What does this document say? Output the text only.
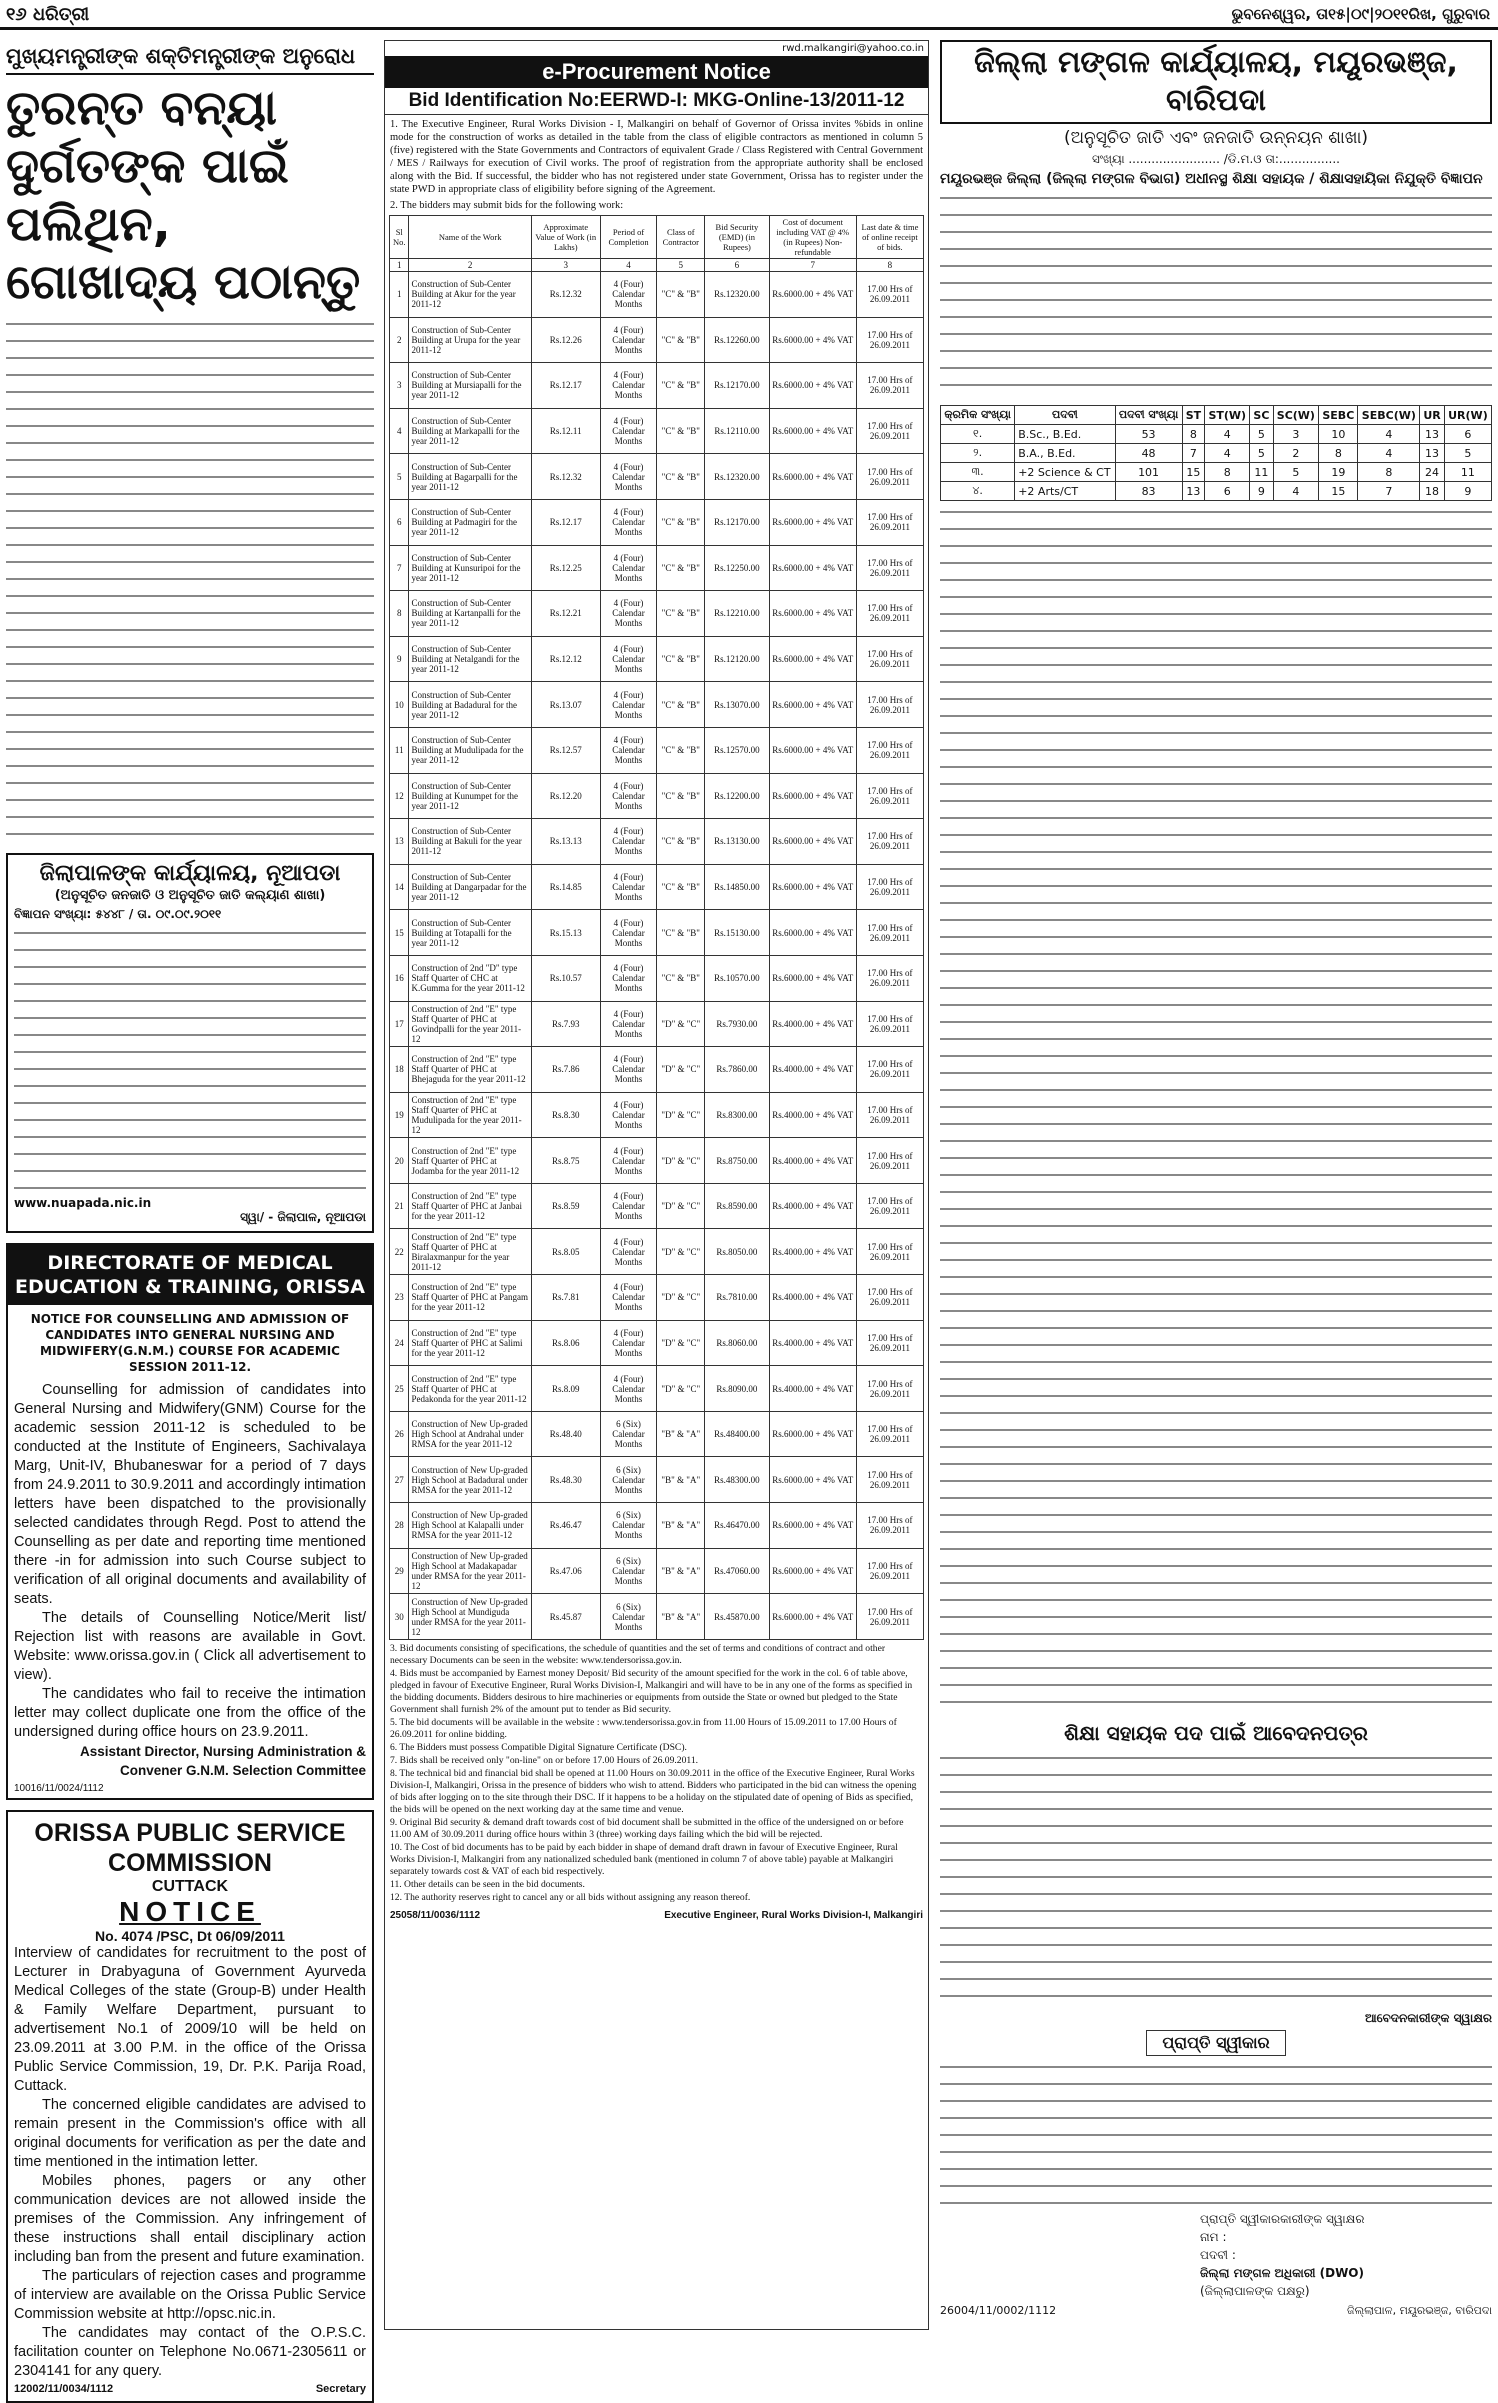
୧୬ ଧରିତ୍ରୀ	ଭୁବନେଶ୍ୱର, ତା୧୫|୦୯|୨୦୧୧ରିଖ, ଗୁରୁବାର
ମୁଖ୍ୟମନ୍ତ୍ରୀଙ୍କ ଶକ୍ତିମନ୍ତ୍ରୀଙ୍କ ଅନୁରୋଧ
ତୁରନ୍ତ ବନ୍ୟା ଦୁର୍ଗତଙ୍କ ପାଇଁ ପଲିଥିନ, ଗୋଖାଦ୍ୟ ପଠାନ୍ତୁ
ଜିଲାପାଳଙ୍କ କାର୍ଯ୍ୟାଳୟ, ନୂଆପଡା
(ଅନୁସୂଚିତ ଜନଜାତି ଓ ଅନୁସୂଚିତ ଜାତି କଲ୍ୟାଣ ଶାଖା)
ବିଜ୍ଞାପନ ସଂଖ୍ୟା: ୫୪୪୮ / ତା. ୦୯.୦୯.୨୦୧୧
www.nuapada.nic.in
ସ୍ୱା/ - ଜିଲାପାଳ, ନୂଆପଡା
DIRECTORATE OF MEDICAL EDUCATION & TRAINING, ORISSA
NOTICE FOR COUNSELLING AND ADMISSION OF CANDIDATES INTO GENERAL NURSING AND MIDWIFERY(G.N.M.) COURSE FOR ACADEMIC SESSION 2011-12.

Counselling for admission of candidates into General Nursing and Midwifery(GNM) Course for the academic session 2011-12 is scheduled to be conducted at the Institute of Engineers, Sachivalaya Marg, Unit-IV, Bhubaneswar for a period of 7 days from 24.9.2011 to 30.9.2011 and accordingly intimation letters have been dispatched to the provisionally selected candidates through Regd. Post to attend the Counselling as per date and reporting time mentioned there -in for admission into such Course subject to verification of all original documents and availability of seats.

The details of Counselling Notice/Merit list/ Rejection list with reasons are available in Govt. Website: www.orissa.gov.in ( Click all advertisement to view).

The candidates who fail to receive the intimation letter may collect duplicate one from the office of the undersigned during office hours on 23.9.2011.

Assistant Director, Nursing Administration & Convener G.N.M. Selection Committee

10016/11/0024/1112
ORISSA PUBLIC SERVICE COMMISSION
CUTTACK
NOTICE
No. 4074 /PSC, Dt 06/09/2011

Interview of candidates for recruitment to the post of Lecturer in Drabyaguna of Government Ayurveda Medical Colleges of the state (Group-B) under Health & Family Welfare Department, pursuant to advertisement No.1 of 2009/10 will be held on 23.09.2011 at 3.00 P.M. in the office of the Orissa Public Service Commission, 19, Dr. P.K. Parija Road, Cuttack.

The concerned eligible candidates are advised to remain present in the Commission's office with all original documents for verification as per the date and time mentioned in the intimation letter.

Mobiles phones, pagers or any other communication devices are not allowed inside the premises of the Commission. Any infringement of these instructions shall entail disciplinary action including ban from the present and future examination.

The particulars of rejection cases and programme of interview are available on the Orissa Public Service Commission website at http://opsc.nic.in.

The candidates may contact of the O.P.S.C. facilitation counter on Telephone No.0671-2305611 or 2304141 for any query.

12002/11/0034/1112	Secretary
rwd.malkangiri@yahoo.co.in
e-Procurement Notice
Bid Identification No:EERWD-I: MKG-Online-13/2011-12
1. The Executive Engineer, Rural Works Division - I, Malkangiri on behalf of Governor of Orissa invites %bids in online mode for the construction of works as detailed in the table from the class of eligible contractors as mentioned in column 5 (five) registered with the State Governments and Contractors of equivalent Grade / Class Registered with Central Government / MES / Railways for execution of Civil works. The proof of registration from the appropriate authority shall be enclosed along with the Bid. If successful, the bidder who has not registered under state Government, Orissa has to register under the state PWD in appropriate class of eligibility before signing of the Agreement.
2. The bidders may submit bids for the following work:
Sl No.	Name of the Work	Approximate Value of Work (in Lakhs)	Period of Completion	Class of Contractor	Bid Security (EMD) (in Rupees)	Cost of document including VAT @ 4% (in Rupees) Non-refundable	Last date & time of online receipt of bids.
1	2	3	4	5	6	7	8
1	Construction of Sub-Center Building at Akur for the year 2011-12	Rs.12.32	4 (Four) Calendar Months	"C" & "B"	Rs.12320.00	Rs.6000.00 + 4% VAT	17.00 Hrs of 26.09.2011
2	Construction of Sub-Center Building at Urupa for the year 2011-12	Rs.12.26	4 (Four) Calendar Months	"C" & "B"	Rs.12260.00	Rs.6000.00 + 4% VAT	17.00 Hrs of 26.09.2011
3	Construction of Sub-Center Building at Mursiapalli for the year 2011-12	Rs.12.17	4 (Four) Calendar Months	"C" & "B"	Rs.12170.00	Rs.6000.00 + 4% VAT	17.00 Hrs of 26.09.2011
4	Construction of Sub-Center Building at Markapalli for the year 2011-12	Rs.12.11	4 (Four) Calendar Months	"C" & "B"	Rs.12110.00	Rs.6000.00 + 4% VAT	17.00 Hrs of 26.09.2011
5	Construction of Sub-Center Building at Bagarpalli for the year 2011-12	Rs.12.32	4 (Four) Calendar Months	"C" & "B"	Rs.12320.00	Rs.6000.00 + 4% VAT	17.00 Hrs of 26.09.2011
6	Construction of Sub-Center Building at Padmagiri for the year 2011-12	Rs.12.17	4 (Four) Calendar Months	"C" & "B"	Rs.12170.00	Rs.6000.00 + 4% VAT	17.00 Hrs of 26.09.2011
7	Construction of Sub-Center Building at Kunsuripoi for the year 2011-12	Rs.12.25	4 (Four) Calendar Months	"C" & "B"	Rs.12250.00	Rs.6000.00 + 4% VAT	17.00 Hrs of 26.09.2011
8	Construction of Sub-Center Building at Kartanpalli for the year 2011-12	Rs.12.21	4 (Four) Calendar Months	"C" & "B"	Rs.12210.00	Rs.6000.00 + 4% VAT	17.00 Hrs of 26.09.2011
9	Construction of Sub-Center Building at Netalgandi for the year 2011-12	Rs.12.12	4 (Four) Calendar Months	"C" & "B"	Rs.12120.00	Rs.6000.00 + 4% VAT	17.00 Hrs of 26.09.2011
10	Construction of Sub-Center Building at Badadural for the year 2011-12	Rs.13.07	4 (Four) Calendar Months	"C" & "B"	Rs.13070.00	Rs.6000.00 + 4% VAT	17.00 Hrs of 26.09.2011
11	Construction of Sub-Center Building at Mudulipada for the year 2011-12	Rs.12.57	4 (Four) Calendar Months	"C" & "B"	Rs.12570.00	Rs.6000.00 + 4% VAT	17.00 Hrs of 26.09.2011
12	Construction of Sub-Center Building at Kunumpet for the year 2011-12	Rs.12.20	4 (Four) Calendar Months	"C" & "B"	Rs.12200.00	Rs.6000.00 + 4% VAT	17.00 Hrs of 26.09.2011
13	Construction of Sub-Center Building at Bakuli for the year 2011-12	Rs.13.13	4 (Four) Calendar Months	"C" & "B"	Rs.13130.00	Rs.6000.00 + 4% VAT	17.00 Hrs of 26.09.2011
14	Construction of Sub-Center Building at Dangarpadar for the year 2011-12	Rs.14.85	4 (Four) Calendar Months	"C" & "B"	Rs.14850.00	Rs.6000.00 + 4% VAT	17.00 Hrs of 26.09.2011
15	Construction of Sub-Center Building at Totapalli for the year 2011-12	Rs.15.13	4 (Four) Calendar Months	"C" & "B"	Rs.15130.00	Rs.6000.00 + 4% VAT	17.00 Hrs of 26.09.2011
16	Construction of 2nd "D" type Staff Quarter of CHC at K.Gumma for the year 2011-12	Rs.10.57	4 (Four) Calendar Months	"C" & "B"	Rs.10570.00	Rs.6000.00 + 4% VAT	17.00 Hrs of 26.09.2011
17	Construction of 2nd "E" type Staff Quarter of PHC at Govindpalli for the year 2011-12	Rs.7.93	4 (Four) Calendar Months	"D" & "C"	Rs.7930.00	Rs.4000.00 + 4% VAT	17.00 Hrs of 26.09.2011
18	Construction of 2nd "E" type Staff Quarter of PHC at Bhejaguda for the year 2011-12	Rs.7.86	4 (Four) Calendar Months	"D" & "C"	Rs.7860.00	Rs.4000.00 + 4% VAT	17.00 Hrs of 26.09.2011
19	Construction of 2nd "E" type Staff Quarter of PHC at Mudulipada for the year 2011-12	Rs.8.30	4 (Four) Calendar Months	"D" & "C"	Rs.8300.00	Rs.4000.00 + 4% VAT	17.00 Hrs of 26.09.2011
20	Construction of 2nd "E" type Staff Quarter of PHC at Jodamba for the year 2011-12	Rs.8.75	4 (Four) Calendar Months	"D" & "C"	Rs.8750.00	Rs.4000.00 + 4% VAT	17.00 Hrs of 26.09.2011
21	Construction of 2nd "E" type Staff Quarter of PHC at Janbai for the year 2011-12	Rs.8.59	4 (Four) Calendar Months	"D" & "C"	Rs.8590.00	Rs.4000.00 + 4% VAT	17.00 Hrs of 26.09.2011
22	Construction of 2nd "E" type Staff Quarter of PHC at Biralaxmanpur for the year 2011-12	Rs.8.05	4 (Four) Calendar Months	"D" & "C"	Rs.8050.00	Rs.4000.00 + 4% VAT	17.00 Hrs of 26.09.2011
23	Construction of 2nd "E" type Staff Quarter of PHC at Pangam for the year 2011-12	Rs.7.81	4 (Four) Calendar Months	"D" & "C"	Rs.7810.00	Rs.4000.00 + 4% VAT	17.00 Hrs of 26.09.2011
24	Construction of 2nd "E" type Staff Quarter of PHC at Salimi for the year 2011-12	Rs.8.06	4 (Four) Calendar Months	"D" & "C"	Rs.8060.00	Rs.4000.00 + 4% VAT	17.00 Hrs of 26.09.2011
25	Construction of 2nd "E" type Staff Quarter of PHC at Pedakonda for the year 2011-12	Rs.8.09	4 (Four) Calendar Months	"D" & "C"	Rs.8090.00	Rs.4000.00 + 4% VAT	17.00 Hrs of 26.09.2011
26	Construction of New Up-graded High School at Andrahal under RMSA for the year 2011-12	Rs.48.40	6 (Six) Calendar Months	"B" & "A"	Rs.48400.00	Rs.6000.00 + 4% VAT	17.00 Hrs of 26.09.2011
27	Construction of New Up-graded High School at Badadural under RMSA for the year 2011-12	Rs.48.30	6 (Six) Calendar Months	"B" & "A"	Rs.48300.00	Rs.6000.00 + 4% VAT	17.00 Hrs of 26.09.2011
28	Construction of New Up-graded High School at Kalapalli under RMSA for the year 2011-12	Rs.46.47	6 (Six) Calendar Months	"B" & "A"	Rs.46470.00	Rs.6000.00 + 4% VAT	17.00 Hrs of 26.09.2011
29	Construction of New Up-graded High School at Madakapadar under RMSA for the year 2011-12	Rs.47.06	6 (Six) Calendar Months	"B" & "A"	Rs.47060.00	Rs.6000.00 + 4% VAT	17.00 Hrs of 26.09.2011
30	Construction of New Up-graded High School at Mundiguda under RMSA for the year 2011-12	Rs.45.87	6 (Six) Calendar Months	"B" & "A"	Rs.45870.00	Rs.6000.00 + 4% VAT	17.00 Hrs of 26.09.2011

3. Bid documents consisting of specifications, the schedule of quantities and the set of terms and conditions of contract and other necessary Documents can be seen in the website: www.tendersorissa.gov.in.

4. Bids must be accompanied by Earnest money Deposit/ Bid security of the amount specified for the work in the col. 6 of table above, pledged in favour of Executive Engineer, Rural Works Division-I, Malkangiri and will have to be in any one of the forms as specified in the bidding documents. Bidders desirous to hire machineries or equipments from outside the State or owned but pledged to the State Government shall furnish 2% of the amount put to tender as Bid security.

5. The bid documents will be available in the website : www.tendersorissa.gov.in from 11.00 Hours of 15.09.2011 to 17.00 Hours of 26.09.2011 for online bidding.

6. The Bidders must possess Compatible Digital Signature Certificate (DSC).

7. Bids shall be received only "on-line" on or before 17.00 Hours of 26.09.2011.

8. The technical bid and financial bid shall be opened at 11.00 Hours on 30.09.2011 in the office of the Executive Engineer, Rural Works Division-I, Malkangiri, Orissa in the presence of bidders who wish to attend. Bidders who participated in the bid can witness the opening of bids after logging on to the site through their DSC. If it happens to be a holiday on the stipulated date of opening of Bids as specified, the bids will be opened on the next working day at the same time and venue.

9. Original Bid security & demand draft towards cost of bid document shall be submitted in the office of the undersigned on or before 11.00 AM of 30.09.2011 during office hours within 3 (three) working days failing which the bid will be rejected.

10. The Cost of bid documents has to be paid by each bidder in shape of demand draft drawn in favour of Executive Engineer, Rural Works Division-I, Malkangiri from any nationalized scheduled bank (mentioned in column 7 of above table) payable at Malkangiri separately towards cost & VAT of each bid respectively.

11. Other details can be seen in the bid documents.

12. The authority reserves right to cancel any or all bids without assigning any reason thereof.

25058/11/0036/1112	Executive Engineer, Rural Works Division-I, Malkangiri
ଜିଲ୍ଲା ମଙ୍ଗଳ କାର୍ଯ୍ୟାଳୟ, ମୟୂରଭଞ୍ଜ, ବାରିପଦା
(ଅନୁସୂଚିତ ଜାତି ଏବଂ ଜନଜାତି ଉନ୍ନୟନ ଶାଖା)
ସଂଖ୍ୟା ........................ /ଡି.ମ.ଓ ତା:................
ମୟୂରଭଞ୍ଜ ଜିଲ୍ଲା (ଜିଲ୍ଲା ମଙ୍ଗଳ ବିଭାଗ) ଅଧୀନସ୍ଥ ଶିକ୍ଷା ସହାୟକ / ଶିକ୍ଷାସହାୟିକା ନିଯୁକ୍ତି ବିଜ୍ଞାପନ
କ୍ରମିକ ସଂଖ୍ୟା	ପଦବୀ	ପଦବୀ ସଂଖ୍ୟା	ST	ST(W)	SC	SC(W)	SEBC	SEBC(W)	UR	UR(W)
୧.	B.Sc., B.Ed.	53	8	4	5	3	10	4	13	6
୨.	B.A., B.Ed.	48	7	4	5	2	8	4	13	5
୩.	+2 Science & CT	101	15	8	11	5	19	8	24	11
୪.	+2 Arts/CT	83	13	6	9	4	15	7	18	9
ଶିକ୍ଷା ସହାୟକ ପଦ ପାଇଁ ଆବେଦନପତ୍ର
ଆବେଦନକାରୀଙ୍କ ସ୍ୱାକ୍ଷର
ପ୍ରାପ୍ତି ସ୍ୱୀକାର
ପ୍ରାପ୍ତି ସ୍ୱୀକାରକାରୀଙ୍କ ସ୍ୱାକ୍ଷର
ନାମ :
ପଦବୀ :
ଜିଲ୍ଲା ମଙ୍ଗଳ ଅଧିକାରୀ (DWO)
(ଜିଲ୍ଲାପାଳଙ୍କ ପକ୍ଷରୁ)
26004/11/0002/1112	ଜିଲ୍ଲାପାଳ, ମୟୂରଭଞ୍ଜ, ବାରିପଦା
